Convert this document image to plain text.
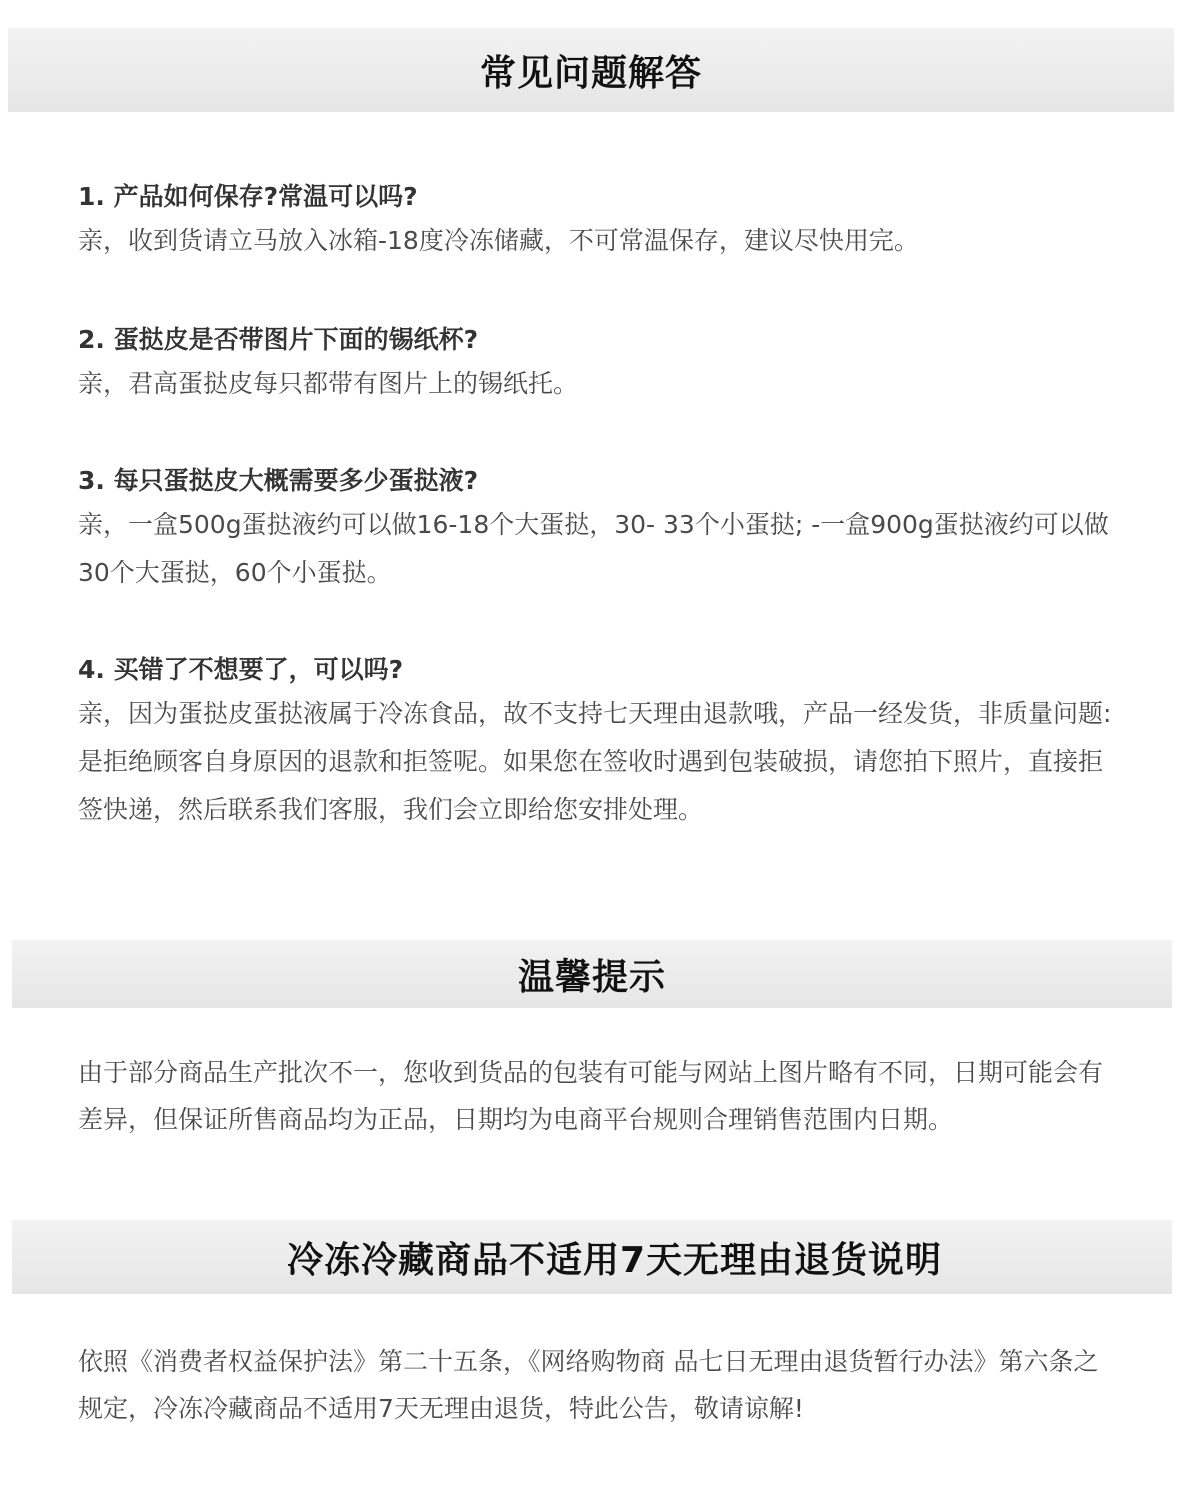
常见问题解答

1. 产品如何保存?常温可以吗?

亲，收到货请立马放入冰箱-18度冷冻储藏，不可常温保存，建议尽快用完。

2. 蛋挞皮是否带图片下面的锡纸杯?

亲，君高蛋挞皮每只都带有图片上的锡纸托。

3. 每只蛋挞皮大概需要多少蛋挞液?

亲，一盒500g蛋挞液约可以做16-18个大蛋挞，30- 33个小蛋挞; -一盒900g蛋挞液约可以做30个大蛋挞，60个小蛋挞。

4. 买错了不想要了，可以吗?

亲，因为蛋挞皮蛋挞液属于冷冻食品，故不支持七天理由退款哦，产品一经发货，非质量问题: 是拒绝顾客自身原因的退款和拒签呢。如果您在签收时遇到包装破损，请您拍下照片，直接拒签快递，然后联系我们客服，我们会立即给您安排处理。

温馨提示

由于部分商品生产批次不一，您收到货品的包装有可能与网站上图片略有不同，日期可能会有差异，但保证所售商品均为正品，日期均为电商平台规则合理销售范围内日期。

冷冻冷藏商品不适用7天无理由退货说明

依照《消费者权益保护法》第二十五条，《网络购物商 品七日无理由退货暂行办法》第六条之规定，冷冻冷藏商品不适用7天无理由退货，特此公告，敬请谅解!
